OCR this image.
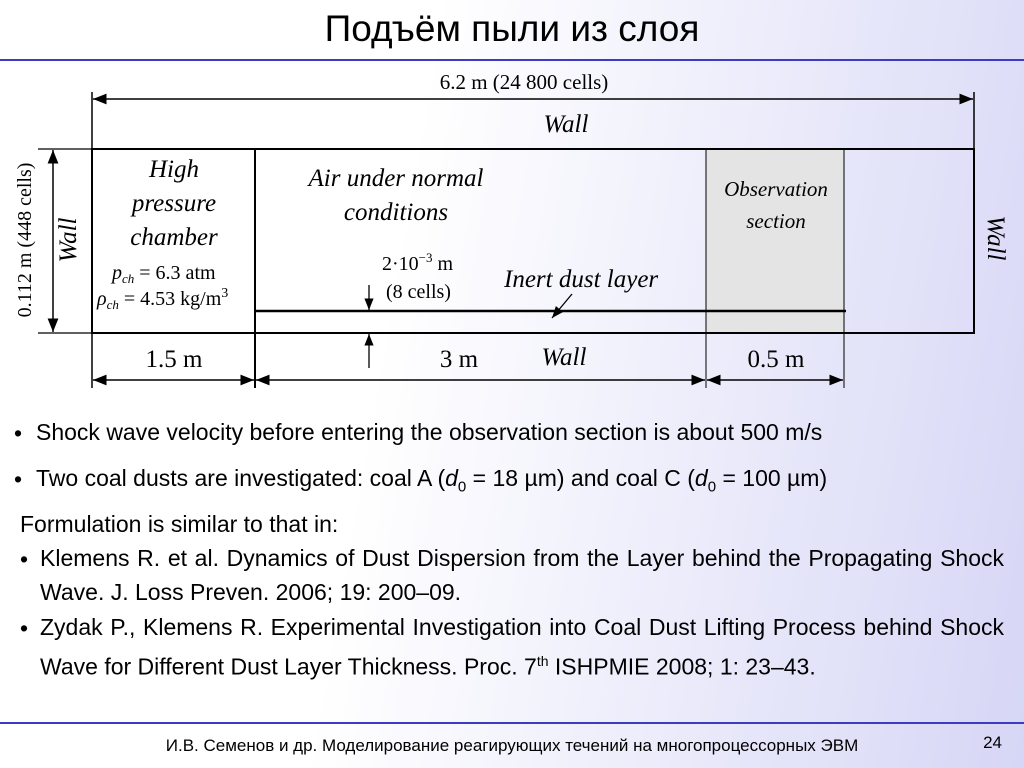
Подъём пыли из слоя
6.2 m (24 800 cells)
Wall
0.112 m (448 cells) Wall	Wall
High
pressure
chamber
$p_{ch} = 6.3$ atm
$\rho_{ch} = 4.53$ $kg/m^3$
Air under normal
conditions
$2\cdot 10^{-3}$ m
(8 cells) Inert dust layer
Observation
section
1.5 m	3 m	Wall	0.5 m
• Shock wave velocity before entering the observation section is about 500 m/s
• Two coal dusts are investigated: coal A ($d_0 = 18$ µm) and coal C ($d_0 = 100$ µm)
Formulation is similar to that in:
• Klemens R. et al. Dynamics of Dust Dispersion from the Layer behind the Propagating Shock Wave. J. Loss Preven. 2006; 19: 200–09.
• Zydak P., Klemens R. Experimental Investigation into Coal Dust Lifting Process behind Shock Wave for Different Dust Layer Thickness. Proc. 7th ISHPMIE 2008; 1: 23–43.
И.В. Семенов и др. Моделирование реагирующих течений на многопроцессорных ЭВМ	24
